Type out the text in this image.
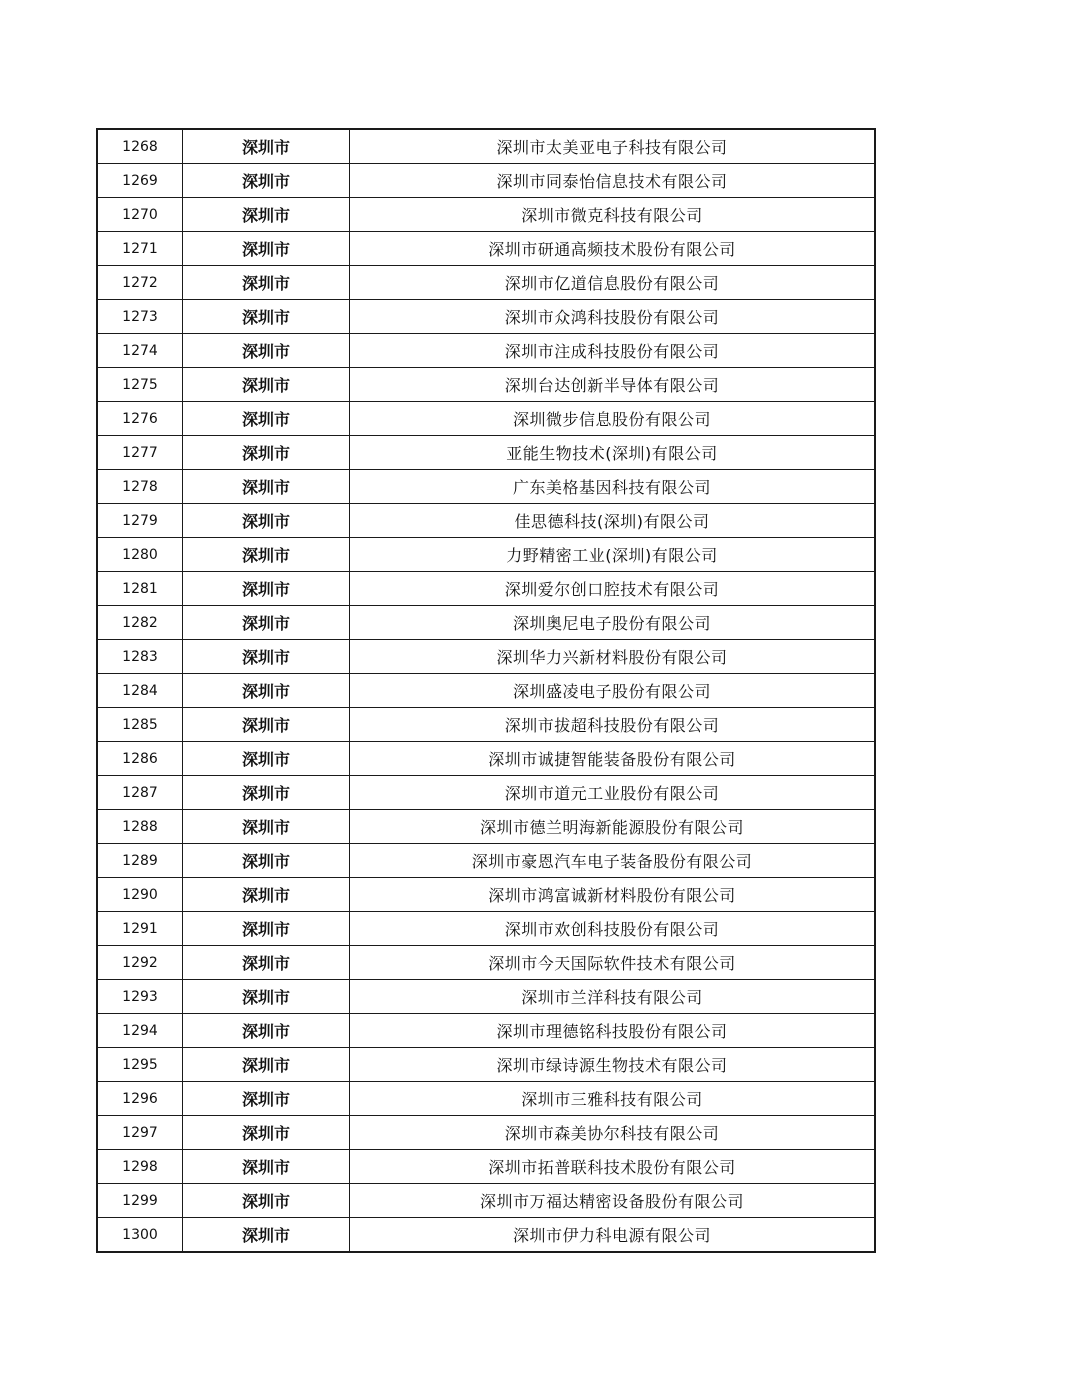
1268	深圳市	深圳市太美亚电子科技有限公司
1269	深圳市	深圳市同泰怡信息技术有限公司
1270	深圳市	深圳市微克科技有限公司
1271	深圳市	深圳市研通高频技术股份有限公司
1272	深圳市	深圳市亿道信息股份有限公司
1273	深圳市	深圳市众鸿科技股份有限公司
1274	深圳市	深圳市注成科技股份有限公司
1275	深圳市	深圳台达创新半导体有限公司
1276	深圳市	深圳微步信息股份有限公司
1277	深圳市	亚能生物技术(深圳)有限公司
1278	深圳市	广东美格基因科技有限公司
1279	深圳市	佳思德科技(深圳)有限公司
1280	深圳市	力野精密工业(深圳)有限公司
1281	深圳市	深圳爱尔创口腔技术有限公司
1282	深圳市	深圳奥尼电子股份有限公司
1283	深圳市	深圳华力兴新材料股份有限公司
1284	深圳市	深圳盛凌电子股份有限公司
1285	深圳市	深圳市拔超科技股份有限公司
1286	深圳市	深圳市诚捷智能装备股份有限公司
1287	深圳市	深圳市道元工业股份有限公司
1288	深圳市	深圳市德兰明海新能源股份有限公司
1289	深圳市	深圳市豪恩汽车电子装备股份有限公司
1290	深圳市	深圳市鸿富诚新材料股份有限公司
1291	深圳市	深圳市欢创科技股份有限公司
1292	深圳市	深圳市今天国际软件技术有限公司
1293	深圳市	深圳市兰洋科技有限公司
1294	深圳市	深圳市理德铭科技股份有限公司
1295	深圳市	深圳市绿诗源生物技术有限公司
1296	深圳市	深圳市三雅科技有限公司
1297	深圳市	深圳市森美协尔科技有限公司
1298	深圳市	深圳市拓普联科技术股份有限公司
1299	深圳市	深圳市万福达精密设备股份有限公司
1300	深圳市	深圳市伊力科电源有限公司
